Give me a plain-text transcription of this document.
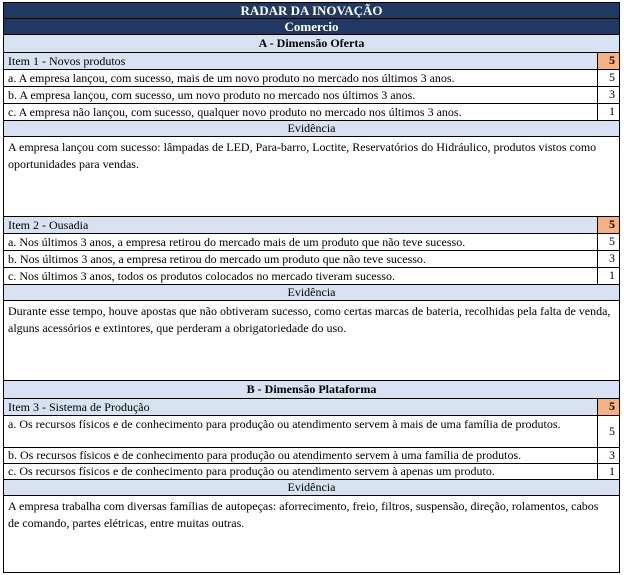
RADAR DA INOVAÇÃO
Comercio
A - Dimensão Oferta
Item 1 - Novos produtos	5
a. A empresa lançou, com sucesso, mais de um novo produto no mercado nos últimos 3 anos.	5
b. A empresa lançou, com sucesso, um novo produto no mercado nos últimos 3 anos.	3
c. A empresa não lançou, com sucesso, qualquer novo produto no mercado nos últimos 3 anos.	1
Evidência
A empresa lançou com sucesso: lâmpadas de LED, Para-barro, Loctite, Reservatórios do Hidráulico, produtos vistos como oportunidades para vendas.
Item 2 - Ousadia	5
a. Nos últimos 3 anos, a empresa retirou do mercado mais de um produto que não teve sucesso.	5
b. Nos últimos 3 anos, a empresa retirou do mercado um produto que não teve sucesso.	3
c. Nos últimos 3 anos, todos os produtos colocados no mercado tiveram sucesso.	1
Evidência
Durante esse tempo, houve apostas que não obtiveram sucesso, como certas marcas de bateria, recolhidas pela falta de venda, alguns acessórios e extintores, que perderam a obrigatoriedade do uso.
B - Dimensão Plataforma
Item 3 - Sistema de Produção	5
a. Os recursos físicos e de conhecimento para produção ou atendimento servem à mais de uma família de produtos.	5
b. Os recursos físicos e de conhecimento para produção ou atendimento servem à uma família de produtos.	3
c. Os recursos físicos e de conhecimento para produção ou atendimento servem à apenas um produto.	1
Evidência
A empresa trabalha com diversas famílias de autopeças: aforrecimento, freio, filtros, suspensão, direção, rolamentos, cabos de comando, partes elétricas, entre muitas outras.
